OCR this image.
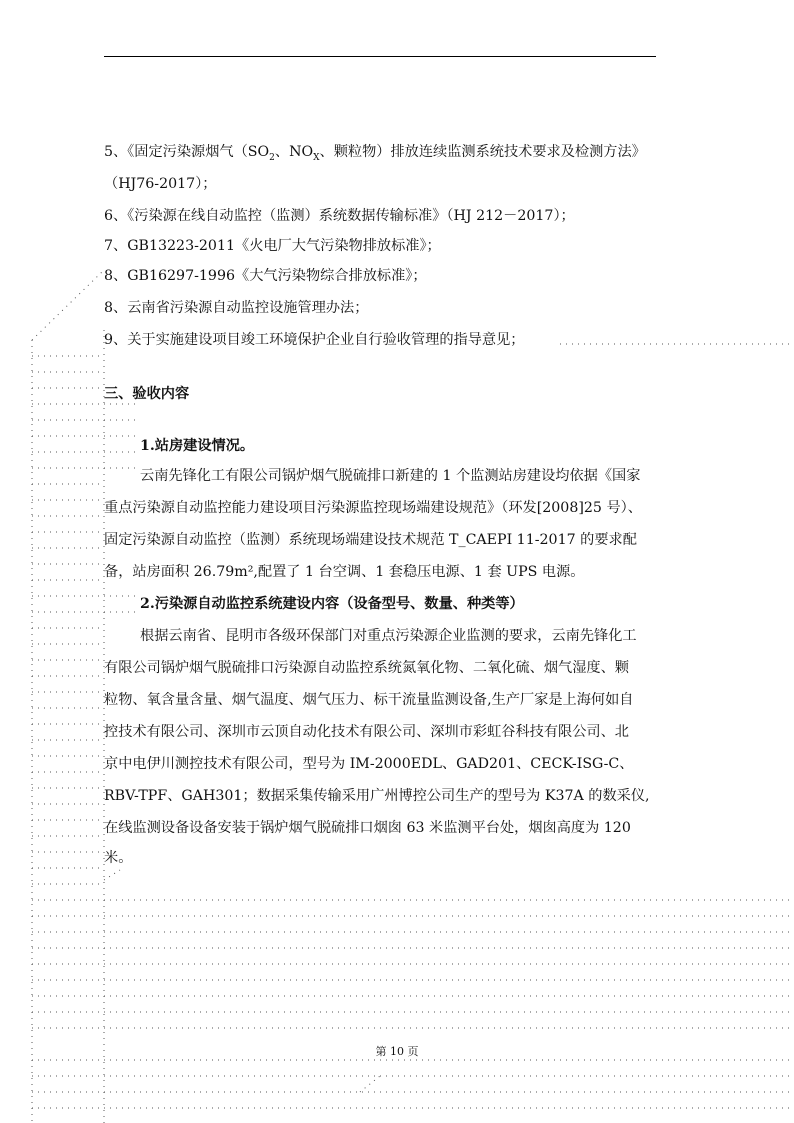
5、《固定污染源烟气（$SO_2$、$NO_X$、颗粒物）排放连续监测系统技术要求及检测方法》
（HJ76-2017）；
6、《污染源在线自动监控（监测）系统数据传输标准》（HJ 212－2017）；
7、GB13223-2011《火电厂大气污染物排放标准》；
8、GB16297-1996《大气污染物综合排放标准》；
8、云南省污染源自动监控设施管理办法；
9、关于实施建设项目竣工环境保护企业自行验收管理的指导意见；
三、验收内容
1.站房建设情况。
云南先锋化工有限公司锅炉烟气脱硫排口新建的 1 个监测站房建设均依据《国家
重点污染源自动监控能力建设项目污染源监控现场端建设规范》（环发[2008]25 号）、
固定污染源自动监控（监测）系统现场端建设技术规范 T_CAEPI 11-2017 的要求配
备，站房面积 26.79m²,配置了 1 台空调、1 套稳压电源、1 套 UPS 电源。
2.污染源自动监控系统建设内容（设备型号、数量、种类等）
根据云南省、昆明市各级环保部门对重点污染源企业监测的要求，云南先锋化工
有限公司锅炉烟气脱硫排口污染源自动监控系统氮氧化物、二氧化硫、烟气湿度、颗
粒物、氧含量含量、烟气温度、烟气压力、标干流量监测设备,生产厂家是上海何如自
控技术有限公司、深圳市云顶自动化技术有限公司、深圳市彩虹谷科技有限公司、北
京中电伊川测控技术有限公司，型号为 IM-2000EDL、GAD201、CECK-ISG-C、
RBV-TPF、GAH301；数据采集传输采用广州博控公司生产的型号为 K37A 的数采仪,
在线监测设备设备安装于锅炉烟气脱硫排口烟囱 63 米监测平台处，烟囱高度为 120
米。
第 10 页
